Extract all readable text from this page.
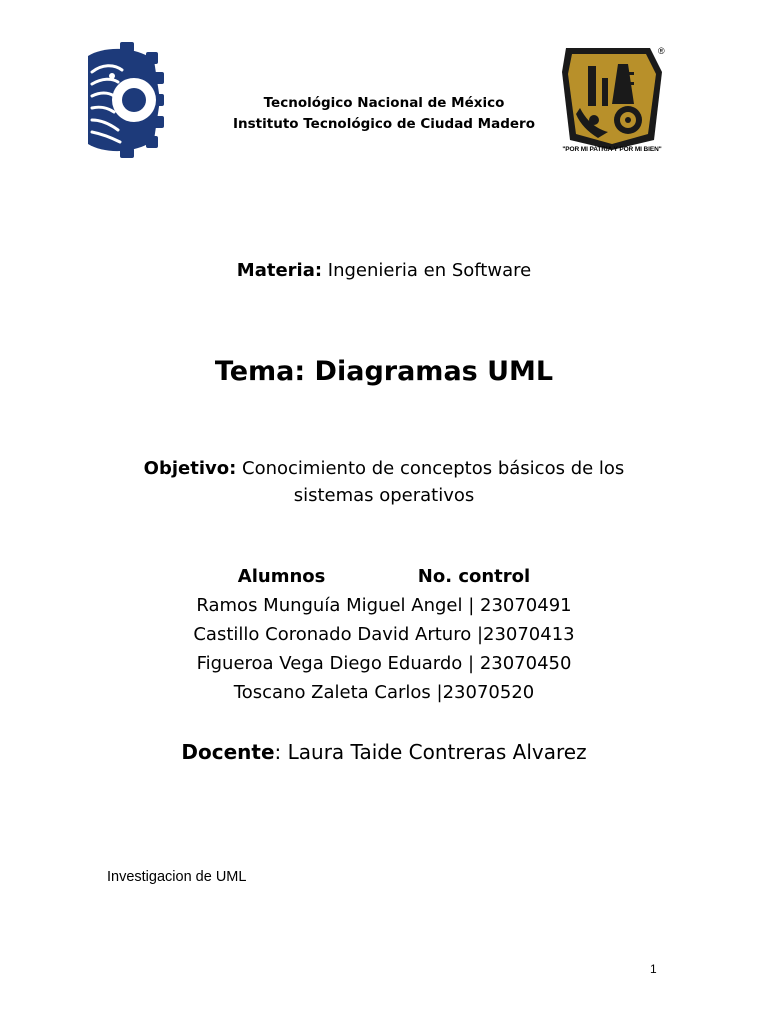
Tecnológico Nacional de México
Instituto Tecnológico de Ciudad Madero
®
"POR MI PATRIA Y POR MI BIEN"
Materia: Ingenieria en Software
Tema: Diagramas UML
Objetivo: Conocimiento de conceptos básicos de los sistemas operativos
Alumnos	No. control
Ramos Munguía Miguel Angel | 23070491
Castillo Coronado David Arturo |23070413
Figueroa Vega Diego Eduardo | 23070450
Toscano Zaleta Carlos |23070520
Docente: Laura Taide Contreras Alvarez
Investigacion de UML
1
